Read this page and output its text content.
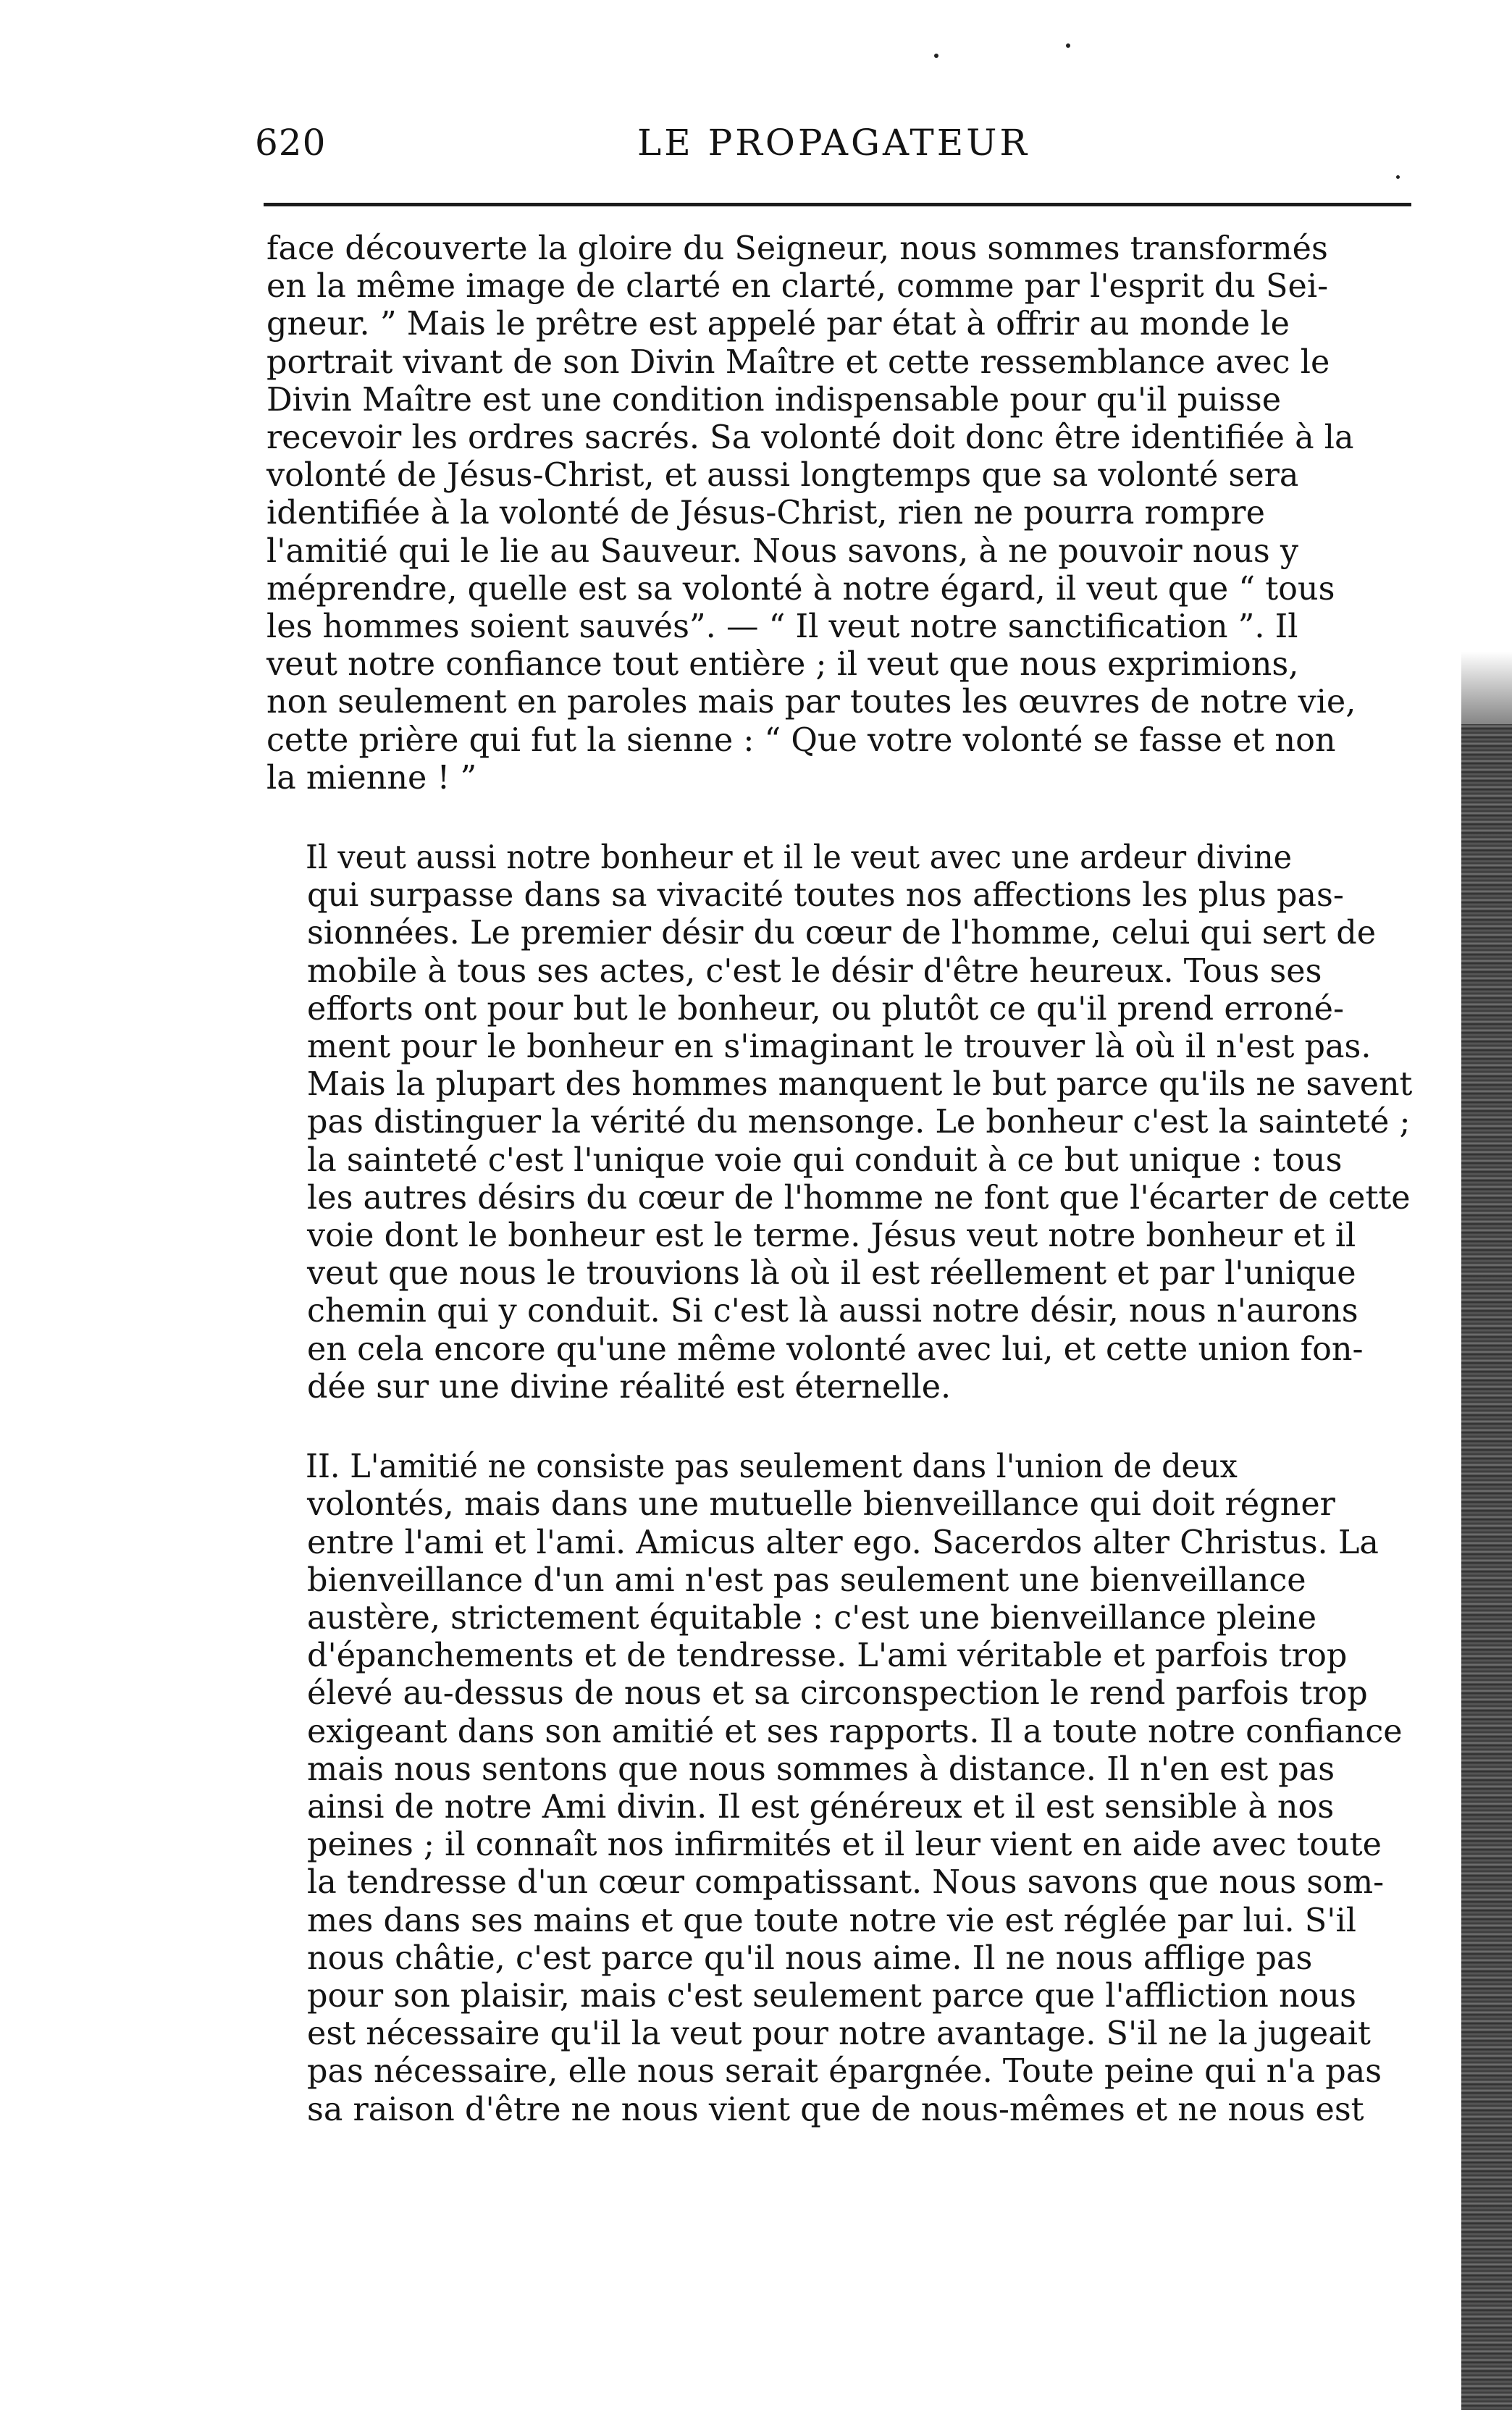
620	LE PROPAGATEUR
face découverte la gloire du Seigneur, nous sommes transformés
en la même image de clarté en clarté, comme par l'esprit du Sei-
gneur. ” Mais le prêtre est appelé par état à offrir au monde le
portrait vivant de son Divin Maître et cette ressemblance avec le
Divin Maître est une condition indispensable pour qu'il puisse
recevoir les ordres sacrés. Sa volonté doit donc être identifiée à la
volonté de Jésus-Christ, et aussi longtemps que sa volonté sera
identifiée à la volonté de Jésus-Christ, rien ne pourra rompre
l'amitié qui le lie au Sauveur. Nous savons, à ne pouvoir nous y
méprendre, quelle est sa volonté à notre égard, il veut que “ tous
les hommes soient sauvés”. — “ Il veut notre sanctification ”. Il
veut notre confiance tout entière ; il veut que nous exprimions,
non seulement en paroles mais par toutes les œuvres de notre vie,
cette prière qui fut la sienne : “ Que votre volonté se fasse et non
la mienne ! ”
Il veut aussi notre bonheur et il le veut avec une ardeur divine
qui surpasse dans sa vivacité toutes nos affections les plus pas-
sionnées. Le premier désir du cœur de l'homme, celui qui sert de
mobile à tous ses actes, c'est le désir d'être heureux. Tous ses
efforts ont pour but le bonheur, ou plutôt ce qu'il prend erroné-
ment pour le bonheur en s'imaginant le trouver là où il n'est pas.
Mais la plupart des hommes manquent le but parce qu'ils ne savent
pas distinguer la vérité du mensonge. Le bonheur c'est la sainteté ;
la sainteté c'est l'unique voie qui conduit à ce but unique : tous
les autres désirs du cœur de l'homme ne font que l'écarter de cette
voie dont le bonheur est le terme. Jésus veut notre bonheur et il
veut que nous le trouvions là où il est réellement et par l'unique
chemin qui y conduit. Si c'est là aussi notre désir, nous n'aurons
en cela encore qu'une même volonté avec lui, et cette union fon-
dée sur une divine réalité est éternelle.
II. L'amitié ne consiste pas seulement dans l'union de deux
volontés, mais dans une mutuelle bienveillance qui doit régner
entre l'ami et l'ami. Amicus alter ego. Sacerdos alter Christus. La
bienveillance d'un ami n'est pas seulement une bienveillance
austère, strictement équitable : c'est une bienveillance pleine
d'épanchements et de tendresse. L'ami véritable et parfois trop
élevé au-dessus de nous et sa circonspection le rend parfois trop
exigeant dans son amitié et ses rapports. Il a toute notre confiance
mais nous sentons que nous sommes à distance. Il n'en est pas
ainsi de notre Ami divin. Il est généreux et il est sensible à nos
peines ; il connaît nos infirmités et il leur vient en aide avec toute
la tendresse d'un cœur compatissant. Nous savons que nous som-
mes dans ses mains et que toute notre vie est réglée par lui. S'il
nous châtie, c'est parce qu'il nous aime. Il ne nous afflige pas
pour son plaisir, mais c'est seulement parce que l'affliction nous
est nécessaire qu'il la veut pour notre avantage. S'il ne la jugeait
pas nécessaire, elle nous serait épargnée. Toute peine qui n'a pas
sa raison d'être ne nous vient que de nous-mêmes et ne nous est
